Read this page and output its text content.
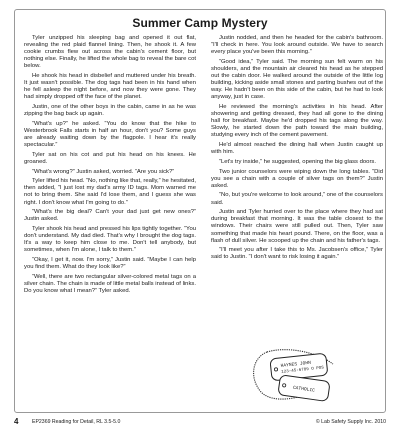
Summer Camp Mystery

Tyler unzipped his sleeping bag and opened it out flat, revealing the red plaid flannel lining. Then, he shook it. A few cookie crumbs flew out across the cabin's cement floor, but nothing else. Finally, he lifted the whole bag to reveal the bare cot below.

He shook his head in disbelief and muttered under his breath. It just wasn't possible. The dog tags had been in his hand when he fell asleep the night before, and now they were gone. They had simply dropped off the face of the planet.

Justin, one of the other boys in the cabin, came in as he was zipping the bag back up again.

“What's up?” he asked. “You do know that the hike to Westerbrook Falls starts in half an hour, don't you? Some guys are already waiting down by the flagpole. I hear it's really spectacular.”

Tyler sat on his cot and put his head on his knees. He groaned.

“What's wrong?” Justin asked, worried. “Are you sick?”

Tyler lifted his head. “No, nothing like that, really,” he hesitated, then added, “I just lost my dad's army ID tags. Mom warned me not to bring them. She said I'd lose them, and I guess she was right. I don't know what I'm going to do.”

“What's the big deal? Can't your dad just get new ones?” Justin asked.

Tyler shook his head and pressed his lips tightly together. “You don't understand. My dad died. That's why I brought the dog tags. It's a way to keep him close to me. Don't tell anybody, but sometimes, when I'm alone, I talk to them.”

“Okay, I get it, now. I'm sorry,” Justin said. “Maybe I can help you find them. What do they look like?”

“Well, there are two rectangular silver-colored metal tags on a silver chain. The chain is made of little metal balls instead of links. Do you know what I mean?” Tyler asked.

Justin nodded, and then he headed for the cabin's bathroom. “I'll check in here. You look around outside. We have to search every place you've been this morning.”

“Good idea,” Tyler said. The morning sun felt warm on his shoulders, and the mountain air cleared his head as he stepped out the cabin door. He walked around the outside of the little log building, kicking aside small stones and parting bushes out of the way. He hadn't been on this side of the cabin, but he had to look anyway, just in case.

He reviewed the morning's activities in his head. After showering and getting dressed, they had all gone to the dining hall for breakfast. Maybe he'd dropped his tags along the way. Slowly, he started down the path toward the main building, studying every inch of the cement pavement.

He'd almost reached the dining hall when Justin caught up with him.

“Let's try inside,” he suggested, opening the big glass doors.

Two junior counselors were wiping down the long tables. “Did you see a chain with a couple of silver tags on them?” Justin asked.

“No, but you're welcome to look around,” one of the counselors said.

Justin and Tyler hurried over to the place where they had sat during breakfast that morning. It was the table closest to the windows. Their chairs were still pulled out. Then, Tyler saw something that made his heart pound. There, on the floor, was a flash of dull silver. He scooped up the chain and his father's tags.

“I'll meet you after I take this to Ms. Jacobsen's office,” Tyler said to Justin. “I don't want to risk losing it again.”

HAYNES JOHN
123-45-6789 O POS
CATHOLIC
4	EP2369 Reading for Detail, RL 3.5-5.0	© Lab Safety Supply Inc. 2010
